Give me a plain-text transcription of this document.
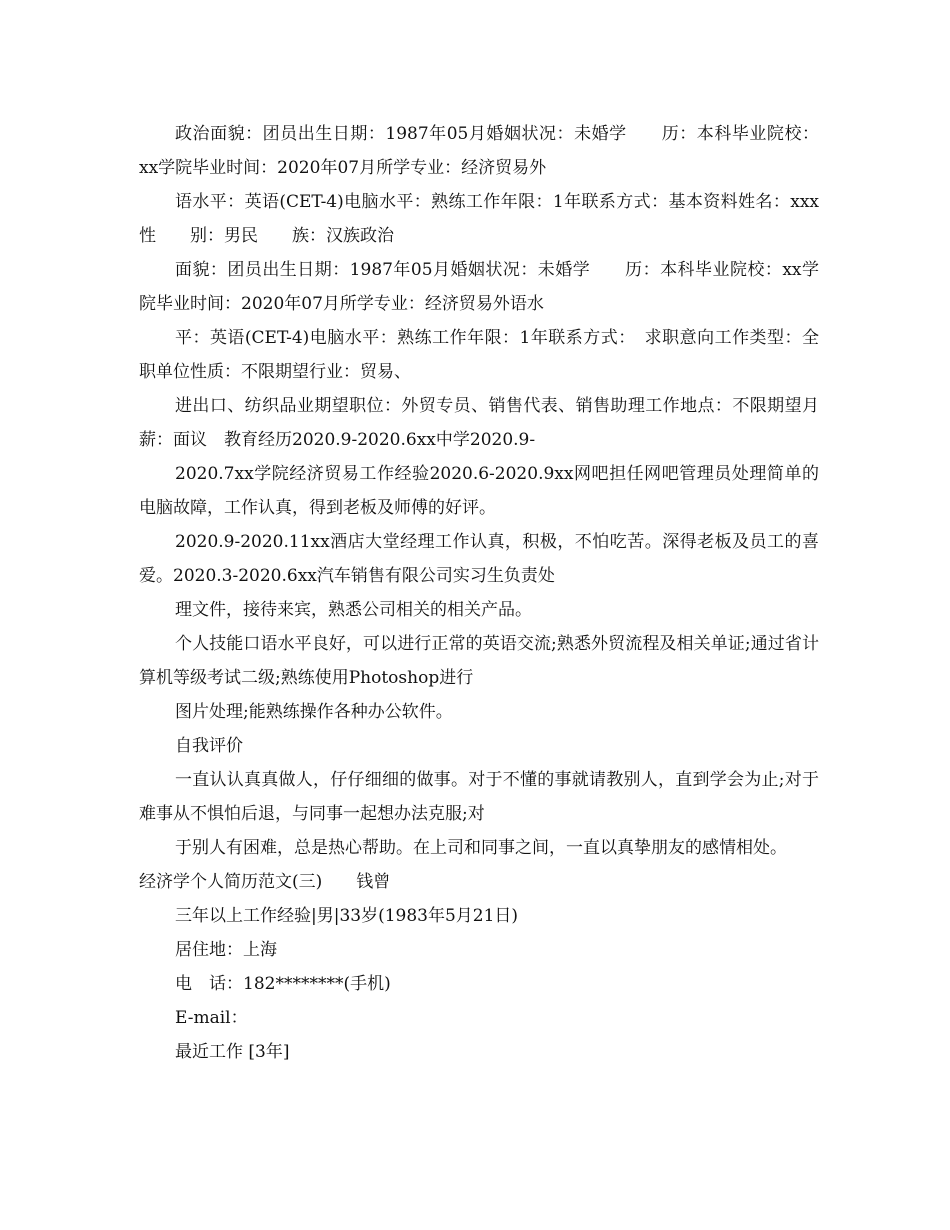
政治面貌：团员出生日期：1987年05月婚姻状况：未婚学　　历：本科毕业院校：xx学院毕业时间：2020年07月所学专业：经济贸易外

语水平：英语(CET-4)电脑水平：熟练工作年限：1年联系方式：基本资料姓名：xxx性　　别：男民　　族：汉族政治

面貌：团员出生日期：1987年05月婚姻状况：未婚学　　历：本科毕业院校：xx学院毕业时间：2020年07月所学专业：经济贸易外语水

平：英语(CET-4)电脑水平：熟练工作年限：1年联系方式：　求职意向工作类型：全职单位性质：不限期望行业：贸易、

进出口、纺织品业期望职位：外贸专员、销售代表、销售助理工作地点：不限期望月薪：面议　教育经历2020.9-2020.6xx中学2020.9-

2020.7xx学院经济贸易工作经验2020.6-2020.9xx网吧担任网吧管理员处理简单的电脑故障，工作认真，得到老板及师傅的好评。

2020.9-2020.11xx酒店大堂经理工作认真，积极，不怕吃苦。深得老板及员工的喜爱。2020.3-2020.6xx汽车销售有限公司实习生负责处

理文件，接待来宾，熟悉公司相关的相关产品。

个人技能口语水平良好，可以进行正常的英语交流;熟悉外贸流程及相关单证;通过省计算机等级考试二级;熟练使用Photoshop进行

图片处理;能熟练操作各种办公软件。

自我评价

一直认认真真做人，仔仔细细的做事。对于不懂的事就请教别人，直到学会为止;对于难事从不惧怕后退，与同事一起想办法克服;对

于别人有困难，总是热心帮助。在上司和同事之间，一直以真挚朋友的感情相处。

经济学个人简历范文(三)　　钱曾

三年以上工作经验|男|33岁(1983年5月21日)

居住地：上海

电　话：182********(手机)

E-mail：

最近工作 [3年]
